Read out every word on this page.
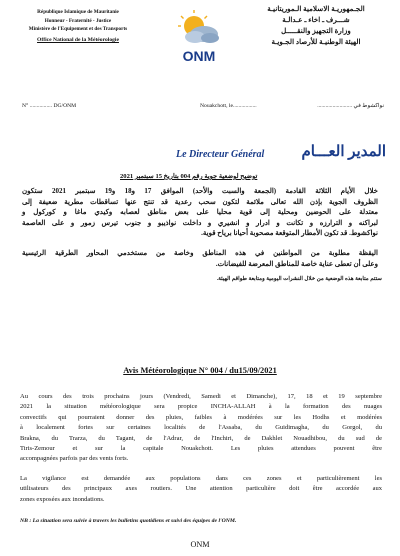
République Islamique de Mauritanie
Honneur - Fraternité - Justice
Ministère de l'Equipement et des Transports
Office National de la Météorologie
ONM
الجـمهوريـة الاسلامية الـموريتانيـة
شـــرف ـ اخاء ـ عـدالـة
وزارة التجهيز والنقـــــل
الهيئة الوطنيـة للأرصاد الجـويـة
N° ................ DG/ONM	Nouakchott, le.................	نواكشوط في .........................
Le Directeur Général المدير العـــام
توضيح لوضعية جوية رقم 004 بتاريخ 15 سبتمبر 2021
خلال الأيام الثلاثة القادمة (الجمعة والسبت والأحد) الموافق 17 و18 و19 سبتمبر 2021 ستكون
الظروف الجوية بإذن الله تعالى ملائمة لتكون سحب رعدية قد تنتج عنها تساقطات مطرية ضعيفة إلى
معتدلة على الحوضين ومحلية إلى قوية محليا على بعض مناطق لعصابه وكيدي ماغا و كوركول و
لبراكنه و الترارزه و تكانت و ادرار و انشيري و داخلت نواذيبو و جنوب تيرس زمور و على العاصمة
نواكشوط. قد تكون الأمطار المتوقعة مصحوبة أحيانا برياح قوية.
اليقظة مطلوبة من المواطنين في هذه المناطق وخاصة من مستخدمي المحاور الطرقية الرئيسية
وعلى أن تعطى عناية خاصة للمناطق المعرضة للفيضانات.
ستتم متابعة هذه الوضعية من خلال النشرات اليومية ومتابعة طواقم الهيئة.
Avis Météorologique N° 004 / du15/09/2021
Au cours des trois prochains jours (Vendredi, Samedi et Dimanche), 17, 18 et 19 septembre
2021 la situation météorologique sera propice INCHA-ALLAH à la formation des nuages
convectifs qui pourraient donner des pluies, faibles à modérées sur les Hodhs et modérées
à localement fortes sur certaines localités de l'Assaba, du Guidimagha, du Gorgol, du
Brakna, du Trarza, du Tagant, de l'Adrar, de l'Inchiri, de Dakhlet Nouadhibou, du sud de
Tiris-Zemour et sur la capitale Nouakchott. Les pluies attendues pouvent être
accompagnées parfois par des vents forts.
La vigilance est demandée aux populations dans ces zones et particulièrement les
utilisateurs des principaux axes routiers. Une attention particulière doit être accordée aux
zones exposées aux inondations.
NB : La situation sera suivie à travers les bulletins quotidiens et suivi des équipes de l'ONM.
ONM
